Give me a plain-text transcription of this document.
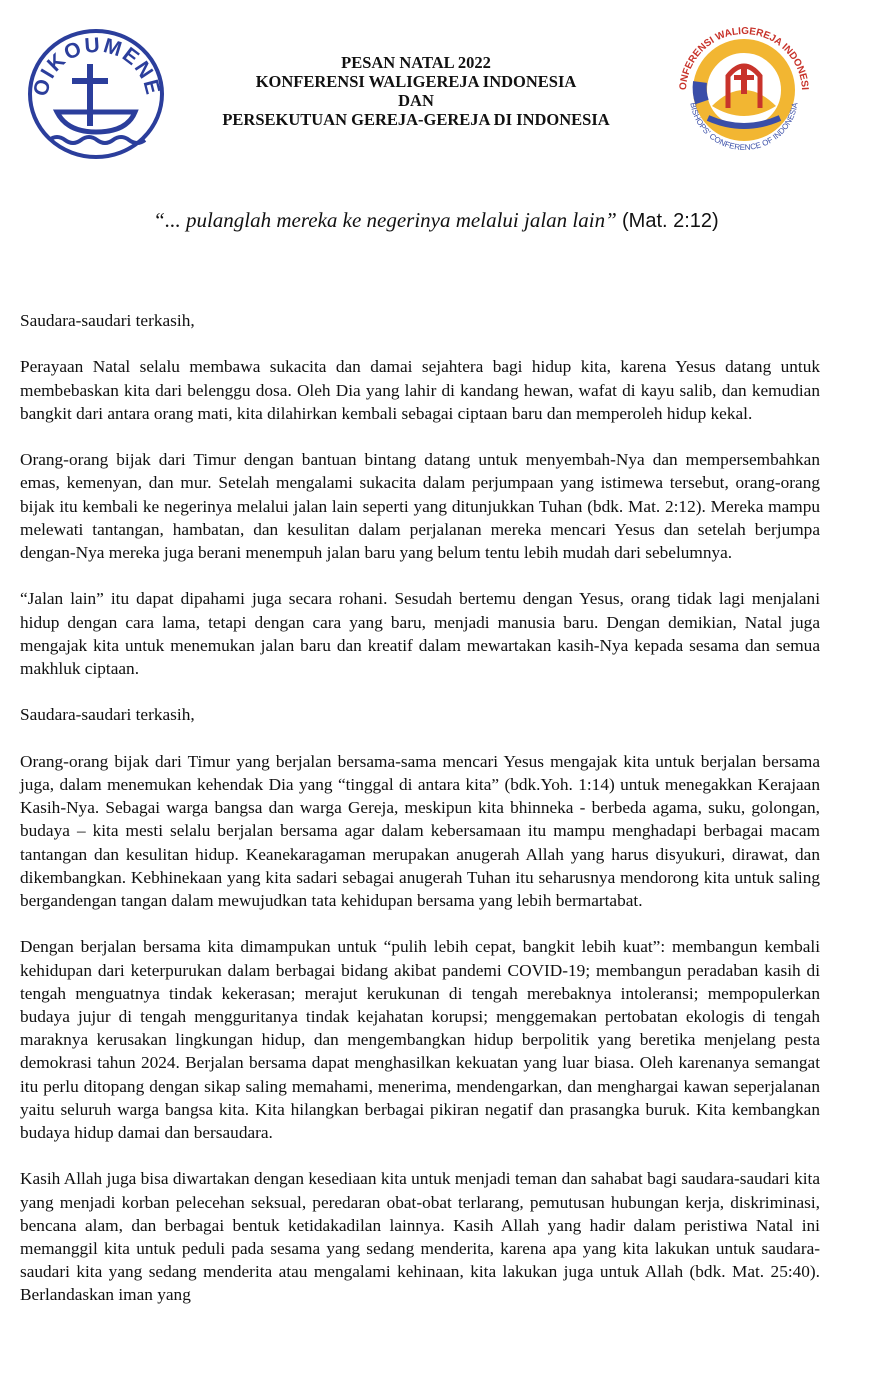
OIKOUMENE
PESAN NATAL 2022
KONFERENSI WALIGEREJA INDONESIA
DAN
PERSEKUTUAN GEREJA-GEREJA DI INDONESIA
ONFERENSI WALIGEREJA INDONESI
BISHOPS' CONFERENCE OF INDONESIA
“... pulanglah mereka ke negerinya melalui jalan lain” (Mat. 2:12)

Saudara-saudari terkasih,

Perayaan Natal selalu membawa sukacita dan damai sejahtera bagi hidup kita, karena Yesus datang untuk membebaskan kita dari belenggu dosa. Oleh Dia yang lahir di kandang hewan, wafat di kayu salib, dan kemudian bangkit dari antara orang mati, kita dilahirkan kembali sebagai ciptaan baru dan memperoleh hidup kekal.

Orang-orang bijak dari Timur dengan bantuan bintang datang untuk menyembah-Nya dan mempersembahkan emas, kemenyan, dan mur. Setelah mengalami sukacita dalam perjumpaan yang istimewa tersebut, orang-orang bijak itu kembali ke negerinya melalui jalan lain seperti yang ditunjukkan Tuhan (bdk. Mat. 2:12). Mereka mampu melewati tantangan, hambatan, dan kesulitan dalam perjalanan mereka mencari Yesus dan setelah berjumpa dengan-Nya mereka juga berani menempuh jalan baru yang belum tentu lebih mudah dari sebelumnya.

“Jalan lain” itu dapat dipahami juga secara rohani. Sesudah bertemu dengan Yesus, orang tidak lagi menjalani hidup dengan cara lama, tetapi dengan cara yang baru, menjadi manusia baru. Dengan demikian, Natal juga mengajak kita untuk menemukan jalan baru dan kreatif dalam mewartakan kasih-Nya kepada sesama dan semua makhluk ciptaan.

Saudara-saudari terkasih,

Orang-orang bijak dari Timur yang berjalan bersama-sama mencari Yesus mengajak kita untuk berjalan bersama juga, dalam menemukan kehendak Dia yang “tinggal di antara kita” (bdk.Yoh. 1:14) untuk menegakkan Kerajaan Kasih-Nya. Sebagai warga bangsa dan warga Gereja, meskipun kita bhinneka - berbeda agama, suku, golongan, budaya – kita mesti selalu berjalan bersama agar dalam kebersamaan itu mampu menghadapi berbagai macam tantangan dan kesulitan hidup. Keanekaragaman merupakan anugerah Allah yang harus disyukuri, dirawat, dan dikembangkan. Kebhinekaan yang kita sadari sebagai anugerah Tuhan itu seharusnya mendorong kita untuk saling bergandengan tangan dalam mewujudkan tata kehidupan bersama yang lebih bermartabat.

Dengan berjalan bersama kita dimampukan untuk “pulih lebih cepat, bangkit lebih kuat”: membangun kembali kehidupan dari keterpurukan dalam berbagai bidang akibat pandemi COVID-19; membangun peradaban kasih di tengah menguatnya tindak kekerasan; merajut kerukunan di tengah merebaknya intoleransi; mempopulerkan budaya jujur di tengah mengguritanya tindak kejahatan korupsi; menggemakan pertobatan ekologis di tengah maraknya kerusakan lingkungan hidup, dan mengembangkan hidup berpolitik yang beretika menjelang pesta demokrasi tahun 2024. Berjalan bersama dapat menghasilkan kekuatan yang luar biasa. Oleh karenanya semangat itu perlu ditopang dengan sikap saling memahami, menerima, mendengarkan, dan menghargai kawan seperjalanan yaitu seluruh warga bangsa kita. Kita hilangkan berbagai pikiran negatif dan prasangka buruk. Kita kembangkan budaya hidup damai dan bersaudara.

Kasih Allah juga bisa diwartakan dengan kesediaan kita untuk menjadi teman dan sahabat bagi saudara-saudari kita yang menjadi korban pelecehan seksual, peredaran obat-obat terlarang, pemutusan hubungan kerja, diskriminasi, bencana alam, dan berbagai bentuk ketidakadilan lainnya. Kasih Allah yang hadir dalam peristiwa Natal ini memanggil kita untuk peduli pada sesama yang sedang menderita, karena apa yang kita lakukan untuk saudara-saudari kita yang sedang menderita atau mengalami kehinaan, kita lakukan juga untuk Allah (bdk. Mat. 25:40). Berlandaskan iman yang
